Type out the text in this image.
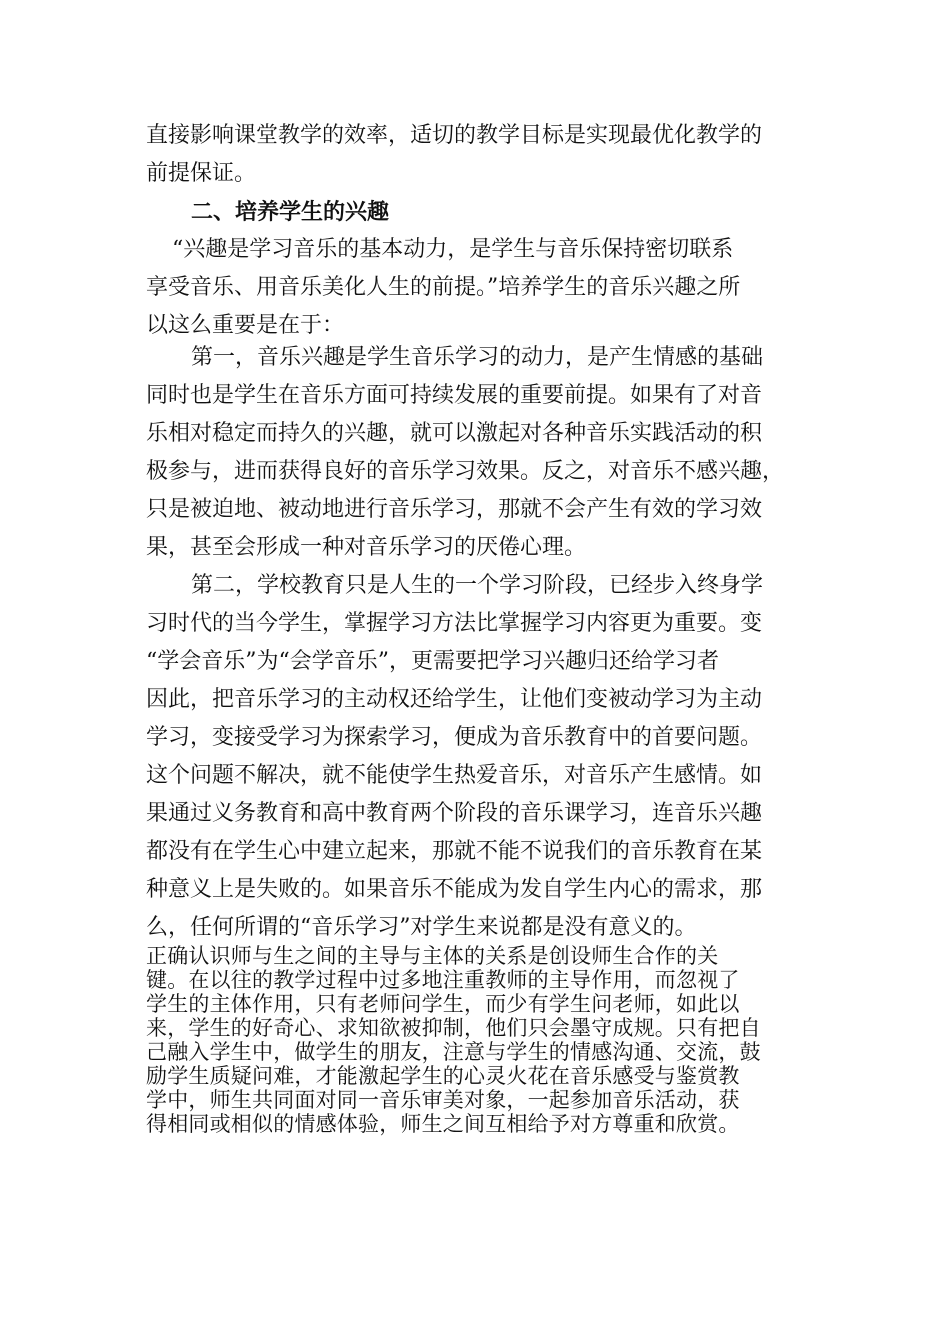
直接影响课堂教学的效率，适切的教学目标是实现最优化教学的
前提保证。
二、培养学生的兴趣
“兴趣是学习音乐的基本动力，是学生与音乐保持密切联系
享受音乐、用音乐美化人生的前提。”培养学生的音乐兴趣之所
以这么重要是在于：
第一，音乐兴趣是学生音乐学习的动力，是产生情感的基础
同时也是学生在音乐方面可持续发展的重要前提。如果有了对音
乐相对稳定而持久的兴趣，就可以激起对各种音乐实践活动的积
极参与，进而获得良好的音乐学习效果。反之，对音乐不感兴趣，
只是被迫地、被动地进行音乐学习，那就不会产生有效的学习效
果，甚至会形成一种对音乐学习的厌倦心理。
第二，学校教育只是人生的一个学习阶段，已经步入终身学
习时代的当今学生，掌握学习方法比掌握学习内容更为重要。变
“学会音乐”为“会学音乐”，更需要把学习兴趣归还给学习者
因此，把音乐学习的主动权还给学生，让他们变被动学习为主动
学习，变接受学习为探索学习，便成为音乐教育中的首要问题。
这个问题不解决，就不能使学生热爱音乐，对音乐产生感情。如
果通过义务教育和高中教育两个阶段的音乐课学习，连音乐兴趣
都没有在学生心中建立起来，那就不能不说我们的音乐教育在某
种意义上是失败的。如果音乐不能成为发自学生内心的需求，那
么，任何所谓的“音乐学习”对学生来说都是没有意义的。
正确认识师与生之间的主导与主体的关系是创设师生合作的关
键。在以往的教学过程中过多地注重教师的主导作用，而忽视了
学生的主体作用，只有老师问学生，而少有学生问老师，如此以
来，学生的好奇心、求知欲被抑制，他们只会墨守成规。只有把自
己融入学生中，做学生的朋友，注意与学生的情感沟通、交流，鼓
励学生质疑问难，才能激起学生的心灵火花在音乐感受与鉴赏教
学中，师生共同面对同一音乐审美对象，一起参加音乐活动，获
得相同或相似的情感体验，师生之间互相给予对方尊重和欣赏。
